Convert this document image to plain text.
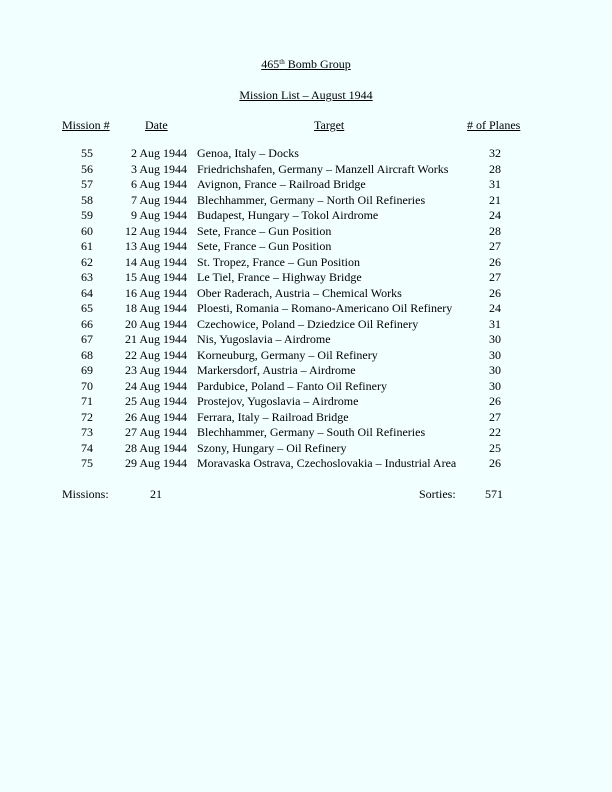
465th Bomb Group
Mission List – August 1944
Mission #	Date	Target	# of Planes
55	2 Aug 1944 Genoa, Italy – Docks	32
56	3 Aug 1944 Friedrichshafen, Germany – Manzell Aircraft Works	28
57	6 Aug 1944 Avignon, France – Railroad Bridge	31
58	7 Aug 1944 Blechhammer, Germany – North Oil Refineries	21
59	9 Aug 1944 Budapest, Hungary – Tokol Airdrome	24
60	12 Aug 1944 Sete, France – Gun Position	28
61	13 Aug 1944 Sete, France – Gun Position	27
62	14 Aug 1944 St. Tropez, France – Gun Position	26
63	15 Aug 1944 Le Tiel, France – Highway Bridge	27
64	16 Aug 1944 Ober Raderach, Austria – Chemical Works	26
65	18 Aug 1944 Ploesti, Romania – Romano-Americano Oil Refinery	24
66	20 Aug 1944 Czechowice, Poland – Dziedzice Oil Refinery	31
67	21 Aug 1944 Nis, Yugoslavia – Airdrome	30
68	22 Aug 1944 Korneuburg, Germany – Oil Refinery	30
69	23 Aug 1944 Markersdorf, Austria – Airdrome	30
70	24 Aug 1944 Pardubice, Poland – Fanto Oil Refinery	30
71	25 Aug 1944 Prostejov, Yugoslavia – Airdrome	26
72	26 Aug 1944 Ferrara, Italy – Railroad Bridge	27
73	27 Aug 1944 Blechhammer, Germany – South Oil Refineries	22
74	28 Aug 1944 Szony, Hungary – Oil Refinery	25
75	29 Aug 1944 Moravaska Ostrava, Czechoslovakia – Industrial Area	26
Missions:	21	Sorties: 571
